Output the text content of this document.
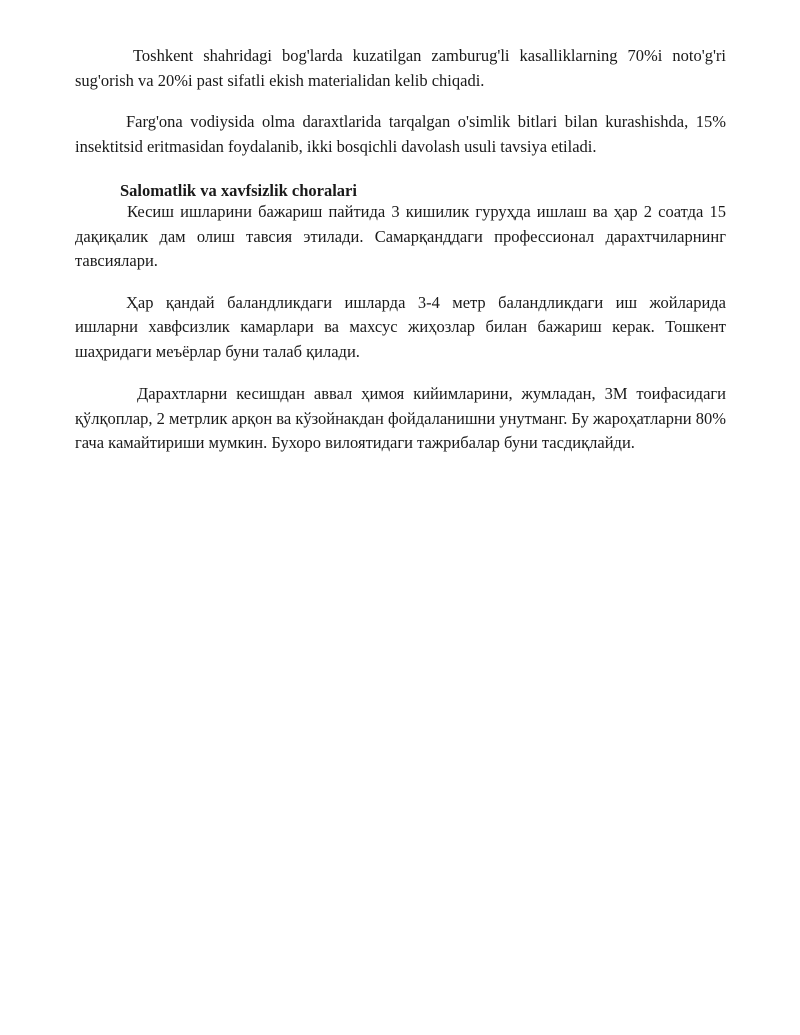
Toshkent shahridagi bog'larda kuzatilgan zamburug'li kasalliklarning 70%i noto'g'ri sug'orish va 20%i past sifatli ekish materialidan kelib chiqadi.

Farg'ona vodiysida olma daraxtlarida tarqalgan o'simlik bitlari bilan kurashishda, 15% insektitsid eritmasidan foydalanib, ikki bosqichli davolash usuli tavsiya etiladi.

Salomatlik va xavfsizlik choralari

Кесиш ишларини бажариш пайтида 3 кишилик гуруҳда ишлаш ва ҳар 2 соатда 15 дақиқалик дам олиш тавсия этилади. Самарқанддаги профессионал дарахтчиларнинг тавсиялари.

Ҳар қандай баландликдаги ишларда 3-4 метр баландликдаги иш жойларида ишларни хавфсизлик камарлари ва махсус жиҳозлар билан бажариш керак. Тошкент шаҳридаги меъёрлар буни талаб қилади.

Дарахтларни кесишдан аввал ҳимоя кийимларини, жумладан, 3М тоифасидаги қўлқоплар, 2 метрлик арқон ва кўзойнакдан фойдаланишни унутманг. Бу жароҳатларни 80% гача камайтириши мумкин. Бухоро вилоятидаги тажрибалар буни тасдиқлайди.
